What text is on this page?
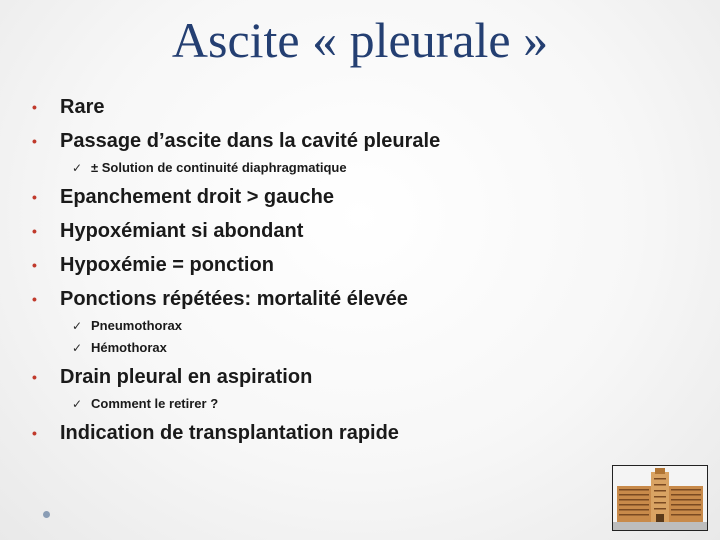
Ascite « pleurale »
• Rare
• Passage d’ascite dans la cavité pleurale
✓ ± Solution de continuité diaphragmatique
• Epanchement droit > gauche
• Hypoxémiant si abondant
• Hypoxémie = ponction
• Ponctions répétées: mortalité élevée
✓ Pneumothorax
✓ Hémothorax
• Drain pleural en aspiration
✓ Comment le retirer ?
• Indication de transplantation rapide
